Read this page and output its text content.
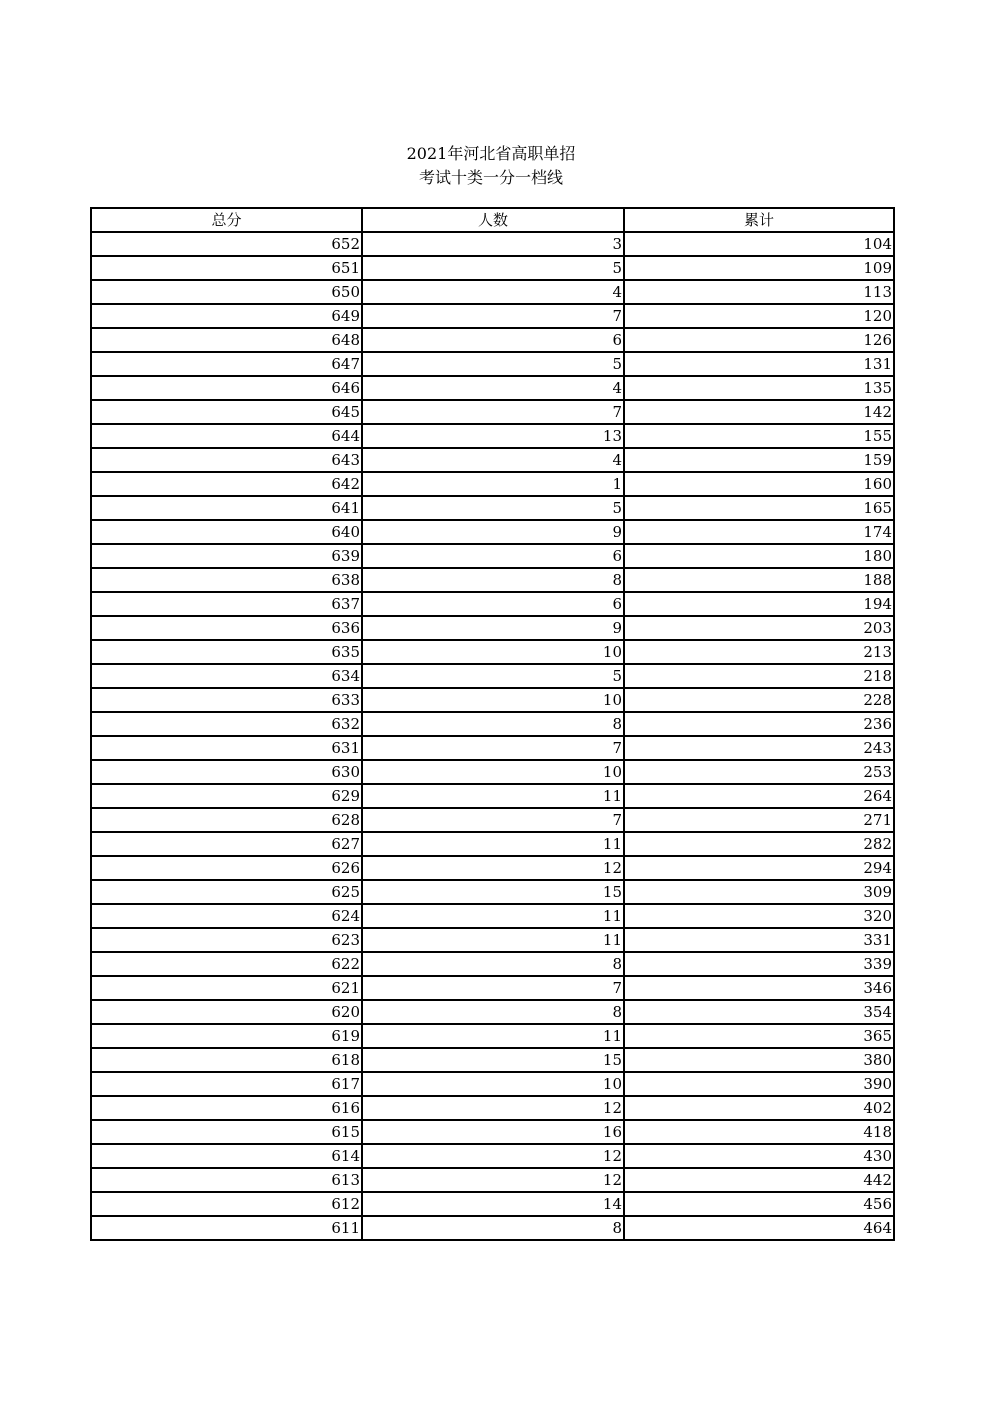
2021年河北省高职单招
考试十类一分一档线
总分	人数	累计
652	3	104
651	5	109
650	4	113
649	7	120
648	6	126
647	5	131
646	4	135
645	7	142
644	13	155
643	4	159
642	1	160
641	5	165
640	9	174
639	6	180
638	8	188
637	6	194
636	9	203
635	10	213
634	5	218
633	10	228
632	8	236
631	7	243
630	10	253
629	11	264
628	7	271
627	11	282
626	12	294
625	15	309
624	11	320
623	11	331
622	8	339
621	7	346
620	8	354
619	11	365
618	15	380
617	10	390
616	12	402
615	16	418
614	12	430
613	12	442
612	14	456
611	8	464
